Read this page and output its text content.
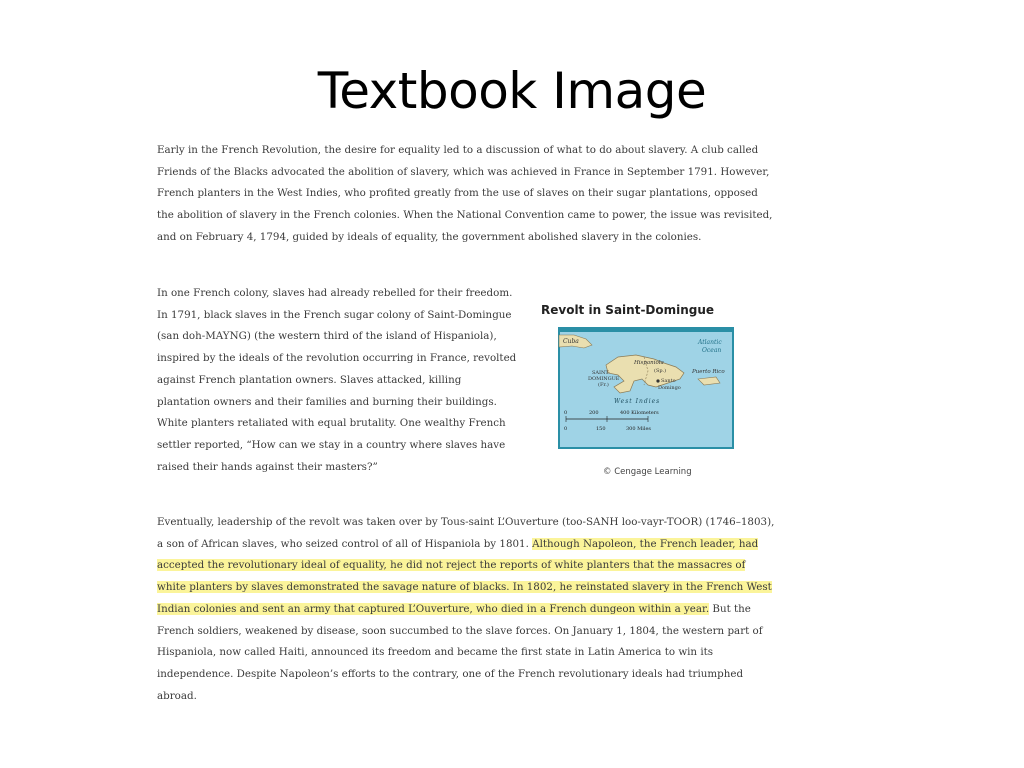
Textbook Image

Early in the French Revolution, the desire for equality led to a discussion of what to do about slavery. A club called Friends of the Blacks advocated the abolition of slavery, which was achieved in France in September 1791. However, French planters in the West Indies, who profited greatly from the use of slaves on their sugar plantations, opposed the abolition of slavery in the French colonies. When the National Convention came to power, the issue was revisited, and on February 4, 1794, guided by ideals of equality, the government abolished slavery in the colonies.

In one French colony, slaves had already rebelled for their freedom. In 1791, black slaves in the French sugar colony of Saint-Domingue (san doh-MAYNG) (the western third of the island of Hispaniola), inspired by the ideals of the revolution occurring in France, revolted against French plantation owners. Slaves attacked, killing plantation owners and their families and burning their buildings. White planters retaliated with equal brutality. One wealthy French settler reported, “How can we stay in a country where slaves have raised their hands against their masters?”

Eventually, leadership of the revolt was taken over by Tous-saint L’Ouverture (too-SANH loo-vayr-TOOR) (1746–1803), a son of African slaves, who seized control of all of Hispaniola by 1801. Although Napoleon, the French leader, had accepted the revolutionary ideal of equality, he did not reject the reports of white planters that the massacres of white planters by slaves demonstrated the savage nature of blacks. In 1802, he reinstated slavery in the French West Indian colonies and sent an army that captured L’Ouverture, who died in a French dungeon within a year. But the French soldiers, weakened by disease, soon succumbed to the slave forces. On January 1, 1804, the western part of Hispaniola, now called Haiti, announced its freedom and became the first state in Latin America to win its independence. Despite Napoleon’s efforts to the contrary, one of the French revolutionary ideals had triumphed abroad.

Revolt in Saint-Domingue

Cuba	Atlantic
Ocean
Hispaniola
SAINT-
DOMINGUE
(Fr.)
(Sp.)
Santo
Domingo
Puerto Rico
West Indies
0	200	400 Kilometers
0	150	300 Miles

© Cengage Learning
